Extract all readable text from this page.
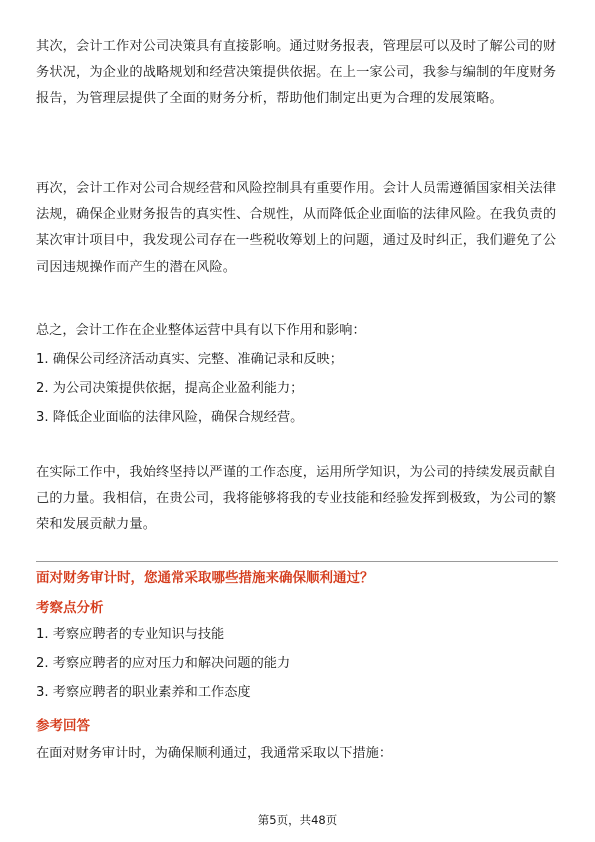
其次，会计工作对公司决策具有直接影响。通过财务报表，管理层可以及时了解公司的财务状况，为企业的战略规划和经营决策提供依据。在上一家公司，我参与编制的年度财务报告，为管理层提供了全面的财务分析，帮助他们制定出更为合理的发展策略。

再次，会计工作对公司合规经营和风险控制具有重要作用。会计人员需遵循国家相关法律法规，确保企业财务报告的真实性、合规性，从而降低企业面临的法律风险。在我负责的某次审计项目中，我发现公司存在一些税收筹划上的问题，通过及时纠正，我们避免了公司因违规操作而产生的潜在风险。

总之，会计工作在企业整体运营中具有以下作用和影响：

1. 确保公司经济活动真实、完整、准确记录和反映；

2. 为公司决策提供依据，提高企业盈利能力；

3. 降低企业面临的法律风险，确保合规经营。

在实际工作中，我始终坚持以严谨的工作态度，运用所学知识，为公司的持续发展贡献自己的力量。我相信，在贵公司，我将能够将我的专业技能和经验发挥到极致，为公司的繁荣和发展贡献力量。

面对财务审计时，您通常采取哪些措施来确保顺利通过？
考察点分析

1. 考察应聘者的专业知识与技能

2. 考察应聘者的应对压力和解决问题的能力

3. 考察应聘者的职业素养和工作态度

参考回答

在面对财务审计时，为确保顺利通过，我通常采取以下措施：

第5页，共48页
